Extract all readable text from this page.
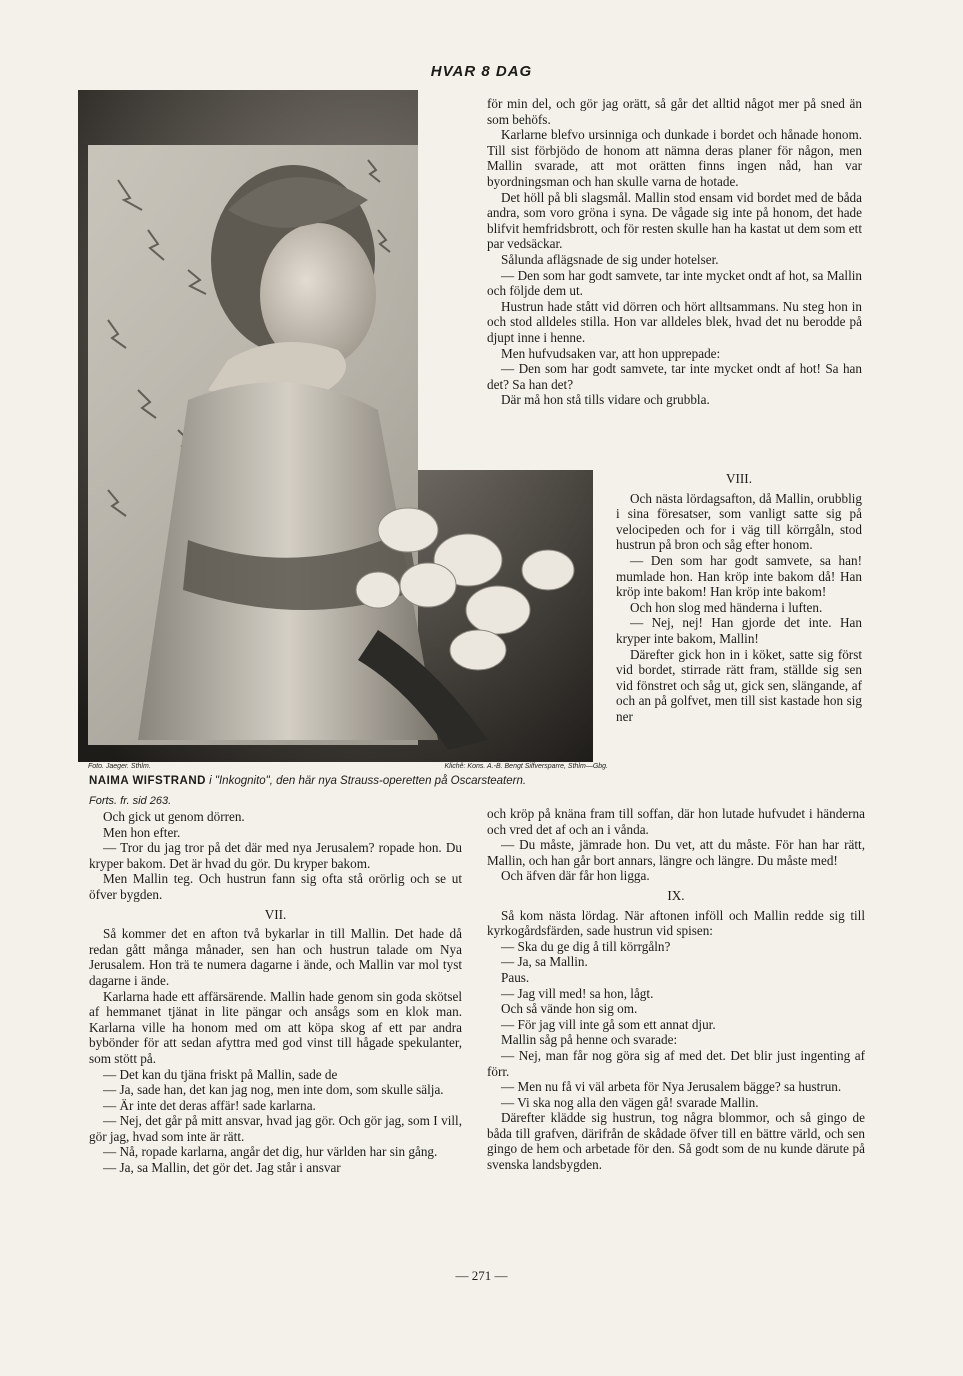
HVAR 8 DAG
Foto. Jaeger. Sthlm.	Klichê: Kons. A.-B. Bengt Silfversparre, Sthlm—Gbg.
NAIMA WIFSTRAND i "Inkognito", den här nya Strauss-operetten på Oscarsteatern.
Forts. fr. sid 263.

för min del, och gör jag orätt, så går det alltid något mer på sned än som behöfs.

Karlarne blefvo ursinniga och dunkade i bordet och hånade honom. Till sist förbjödo de honom att nämna deras planer för någon, men Mallin svarade, att mot orätten finns ingen nåd, han var byordningsman och han skulle varna de hotade.

Det höll på bli slagsmål. Mallin stod ensam vid bordet med de båda andra, som voro gröna i syna. De vågade sig inte på honom, det hade blifvit hemfridsbrott, och för resten skulle han ha kastat ut dem som ett par vedsäckar.

Sålunda aflägsnade de sig under hotelser.

— Den som har godt samvete, tar inte mycket ondt af hot, sa Mallin och följde dem ut.

Hustrun hade stått vid dörren och hört alltsammans. Nu steg hon in och stod alldeles stilla. Hon var alldeles blek, hvad det nu berodde på djupt inne i henne.

Men hufvudsaken var, att hon upprepade:

— Den som har godt samvete, tar inte mycket ondt af hot! Sa han det? Sa han det?

Där må hon stå tills vidare och grubbla.

VIII.

Och nästa lördagsafton, då Mallin, orubblig i sina föresatser, som vanligt satte sig på velocipeden och for i väg till körrgåln, stod hustrun på bron och såg efter honom.

— Den som har godt samvete, sa han! mumlade hon. Han kröp inte bakom då! Han kröp inte bakom! Han kröp inte bakom!

Och hon slog med händerna i luften.

— Nej, nej! Han gjorde det inte. Han kryper inte bakom, Mallin!

Därefter gick hon in i köket, satte sig först vid bordet, stirrade rätt fram, ställde sig sen vid fönstret och såg ut, gick sen, slängande, af och an på golfvet, men till sist kastade hon sig ner

och kröp på knäna fram till soffan, där hon lutade hufvudet i händerna och vred det af och an i vånda.

— Du måste, jämrade hon. Du vet, att du måste. För han har rätt, Mallin, och han går bort annars, längre och längre. Du måste med!

Och äfven där får hon ligga.

IX.

Så kom nästa lördag. När aftonen inföll och Mallin redde sig till kyrkogårdsfärden, sade hustrun vid spisen:

— Ska du ge dig å till körrgåln?

— Ja, sa Mallin.

Paus.

— Jag vill med! sa hon, lågt.

Och så vände hon sig om.

— För jag vill inte gå som ett annat djur.

Mallin såg på henne och svarade:

— Nej, man får nog göra sig af med det. Det blir just ingenting af förr.

— Men nu få vi väl arbeta för Nya Jerusalem bägge? sa hustrun.

— Vi ska nog alla den vägen gå! svarade Mallin.

Därefter klädde sig hustrun, tog några blommor, och så gingo de båda till grafven, därifrån de skådade öfver till en bättre värld, och sen gingo de hem och arbetade för den. Så godt som de nu kunde därute på svenska landsbygden.

Och gick ut genom dörren.

Men hon efter.

— Tror du jag tror på det där med nya Jerusalem? ropade hon. Du kryper bakom. Det är hvad du gör. Du kryper bakom.

Men Mallin teg. Och hustrun fann sig ofta stå orörlig och se ut öfver bygden.

VII.

Så kommer det en afton två bykarlar in till Mallin. Det hade då redan gått många månader, sen han och hustrun talade om Nya Jerusalem. Hon trä te numera dagarne i ände, och Mallin var mol tyst dagarne i ände.

Karlarna hade ett affärsärende. Mallin hade genom sin goda skötsel af hemmanet tjänat in lite pängar och ansågs som en klok man. Karlarna ville ha honom med om att köpa skog af ett par andra bybönder för att sedan afyttra med god vinst till hågade spekulanter, som stött på.

— Det kan du tjäna friskt på Mallin, sade de

— Ja, sade han, det kan jag nog, men inte dom, som skulle sälja.

— Är inte det deras affär! sade karlarna.

— Nej, det går på mitt ansvar, hvad jag gör. Och gör jag, som I vill, gör jag, hvad som inte är rätt.

— Nå, ropade karlarna, angår det dig, hur världen har sin gång.

— Ja, sa Mallin, det gör det. Jag står i ansvar

— 271 —
